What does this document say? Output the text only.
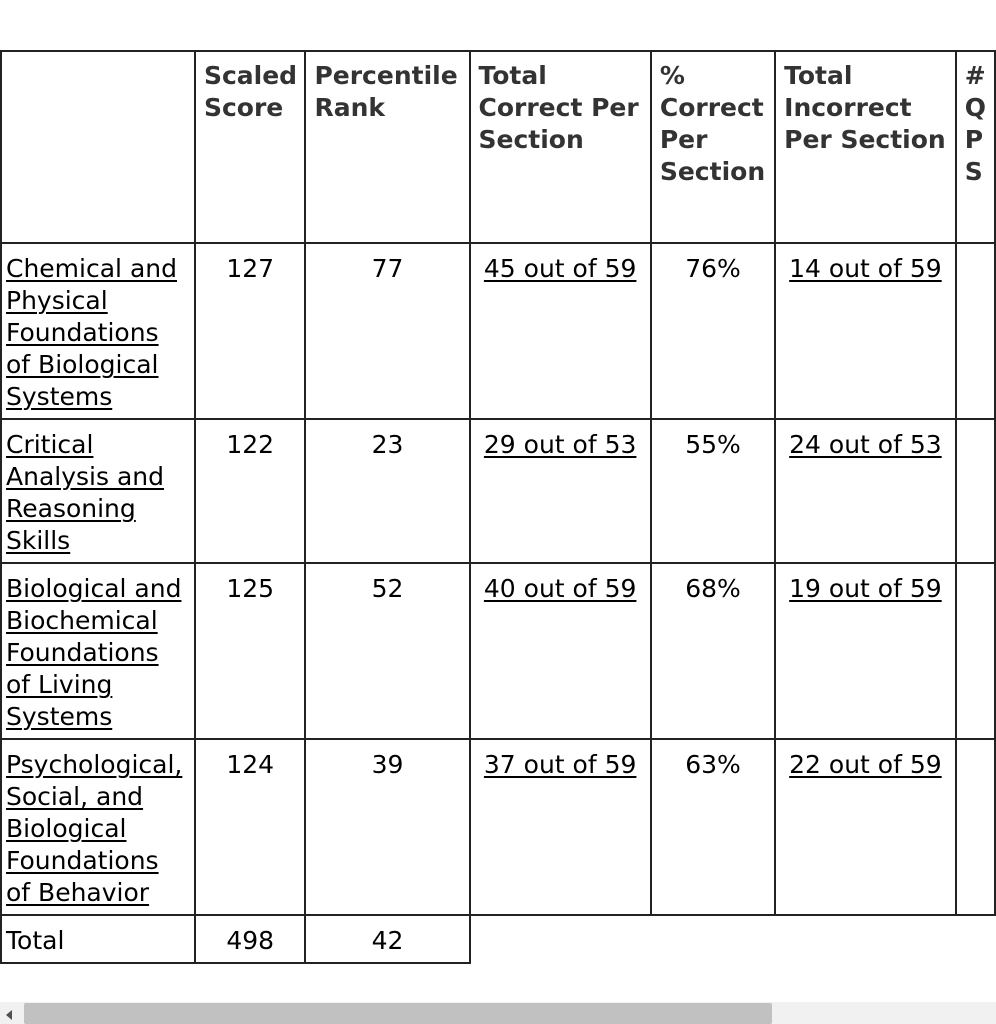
	Scaled Score	Percentile Rank	Total Correct Per Section	% Correct Per Section	Total Incorrect Per Section	# Q P S

Chemical and Physical Foundations of Biological Systems	127	77	45 out of 59	76%	14 out of 59	
Critical Analysis and Reasoning Skills	122	23	29 out of 53	55%	24 out of 53	
Biological and Biochemical Foundations of Living Systems	125	52	40 out of 59	68%	19 out of 59	
Psychological, Social, and Biological Foundations of Behavior	124	39	37 out of 59	63%	22 out of 59	
Total	498	42				
